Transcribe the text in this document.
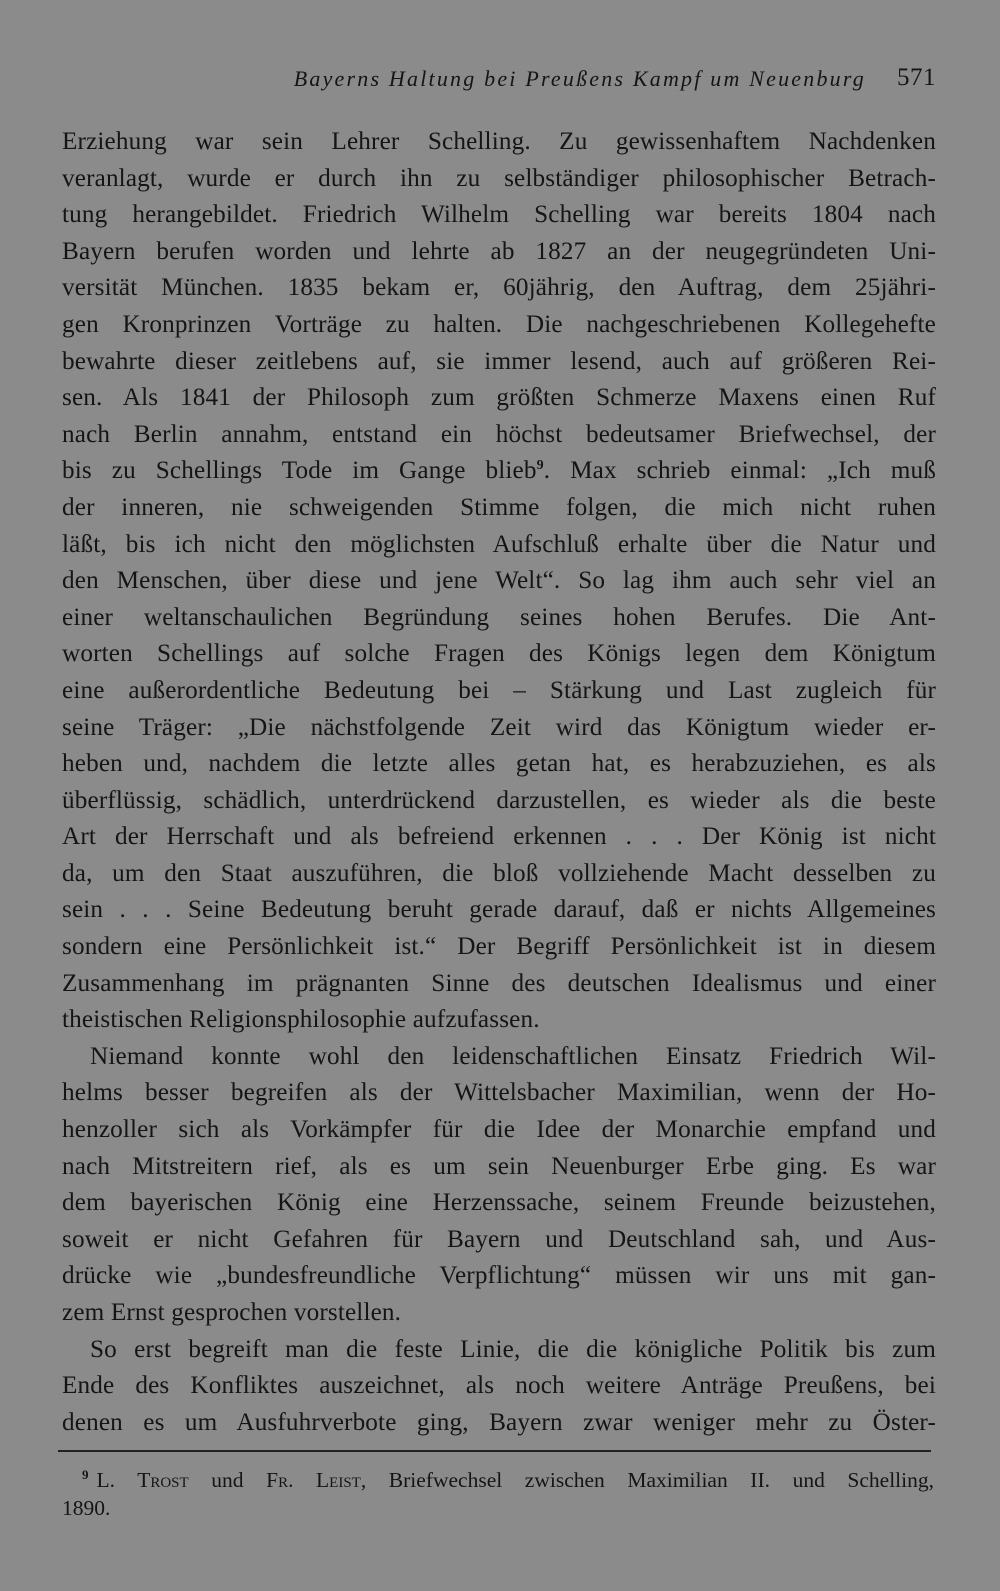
Bayerns Haltung bei Preußens Kampf um Neuenburg 571
Erziehung war sein Lehrer Schelling. Zu gewissenhaftem Nachdenken
veranlagt, wurde er durch ihn zu selbständiger philosophischer Betrach-
tung herangebildet. Friedrich Wilhelm Schelling war bereits 1804 nach
Bayern berufen worden und lehrte ab 1827 an der neugegründeten Uni-
versität München. 1835 bekam er, 60jährig, den Auftrag, dem 25jähri-
gen Kronprinzen Vorträge zu halten. Die nachgeschriebenen Kollegehefte
bewahrte dieser zeitlebens auf, sie immer lesend, auch auf größeren Rei-
sen. Als 1841 der Philosoph zum größten Schmerze Maxens einen Ruf
nach Berlin annahm, entstand ein höchst bedeutsamer Briefwechsel, der
bis zu Schellings Tode im Gange blieb$^9$. Max schrieb einmal: „Ich muß
der inneren, nie schweigenden Stimme folgen, die mich nicht ruhen
läßt, bis ich nicht den möglichsten Aufschluß erhalte über die Natur und
den Menschen, über diese und jene Welt“. So lag ihm auch sehr viel an
einer weltanschaulichen Begründung seines hohen Berufes. Die Ant-
worten Schellings auf solche Fragen des Königs legen dem Königtum
eine außerordentliche Bedeutung bei – Stärkung und Last zugleich für
seine Träger: „Die nächstfolgende Zeit wird das Königtum wieder er-
heben und, nachdem die letzte alles getan hat, es herabzuziehen, es als
überflüssig, schädlich, unterdrückend darzustellen, es wieder als die beste
Art der Herrschaft und als befreiend erkennen . . . Der König ist nicht
da, um den Staat auszuführen, die bloß vollziehende Macht desselben zu
sein . . . Seine Bedeutung beruht gerade darauf, daß er nichts Allgemeines
sondern eine Persönlichkeit ist.“ Der Begriff Persönlichkeit ist in diesem
Zusammenhang im prägnanten Sinne des deutschen Idealismus und einer
theistischen Religionsphilosophie aufzufassen.
Niemand konnte wohl den leidenschaftlichen Einsatz Friedrich Wil-
helms besser begreifen als der Wittelsbacher Maximilian, wenn der Ho-
henzoller sich als Vorkämpfer für die Idee der Monarchie empfand und
nach Mitstreitern rief, als es um sein Neuenburger Erbe ging. Es war
dem bayerischen König eine Herzenssache, seinem Freunde beizustehen,
soweit er nicht Gefahren für Bayern und Deutschland sah, und Aus-
drücke wie „bundesfreundliche Verpflichtung“ müssen wir uns mit gan-
zem Ernst gesprochen vorstellen.
So erst begreift man die feste Linie, die die königliche Politik bis zum
Ende des Konfliktes auszeichnet, als noch weitere Anträge Preußens, bei
denen es um Ausfuhrverbote ging, Bayern zwar weniger mehr zu Öster-
$^9$ L. Trost und Fr. Leist, Briefwechsel zwischen Maximilian II. und Schelling,
1890.
